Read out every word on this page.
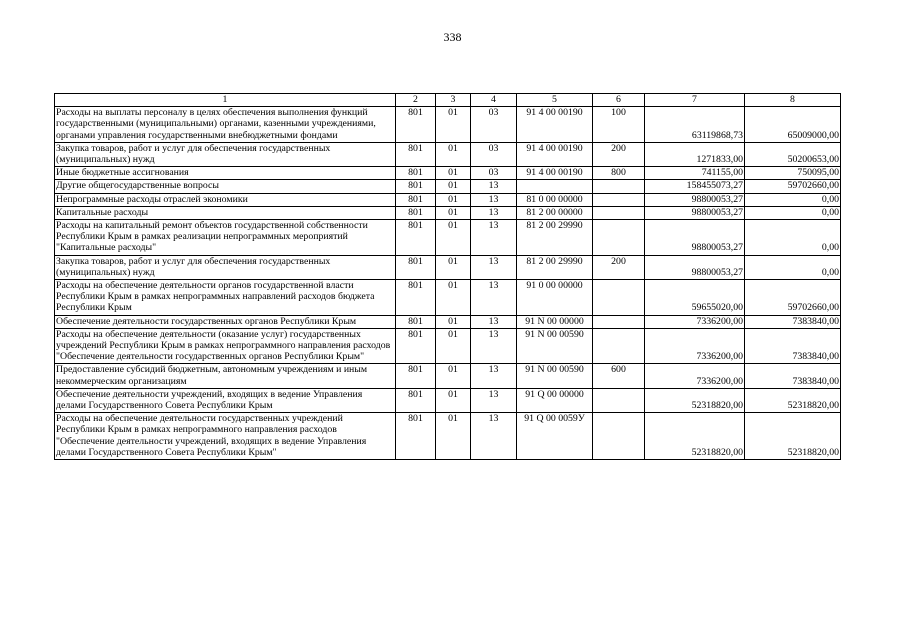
338
1	2	3	4	5	6	7	8
Расходы на выплаты персоналу в целях обеспечения выполнения функций государственными (муниципальными) органами, казенными учреждениями, органами управления государственными внебюджетными фондами	801	01	03	91 4 00 00190	100	63119868,73	65009000,00
Закупка товаров, работ и услуг для обеспечения государственных (муниципальных) нужд	801	01	03	91 4 00 00190	200	1271833,00	50200653,00
Иные бюджетные ассигнования	801	01	03	91 4 00 00190	800	741155,00	750095,00
Другие общегосударственные вопросы	801	01	13			158455073,27	59702660,00
Непрограммные расходы отраслей экономики	801	01	13	81 0 00 00000		98800053,27	0,00
Капитальные расходы	801	01	13	81 2 00 00000		98800053,27	0,00
Расходы на капитальный ремонт объектов государственной собственности Республики Крым в рамках реализации непрограммных мероприятий "Капитальные расходы"	801	01	13	81 2 00 29990		98800053,27	0,00
Закупка товаров, работ и услуг для обеспечения государственных (муниципальных) нужд	801	01	13	81 2 00 29990	200	98800053,27	0,00
Расходы на обеспечение деятельности органов государственной власти Республики Крым в рамках непрограммных направлений расходов бюджета Республики Крым	801	01	13	91 0 00 00000		59655020,00	59702660,00
Обеспечение деятельности государственных органов Республики Крым	801	01	13	91 N 00 00000		7336200,00	7383840,00
Расходы на обеспечение деятельности (оказание услуг) государственных учреждений Республики Крым в рамках непрограммного направления расходов "Обеспечение деятельности государственных органов Республики Крым"	801	01	13	91 N 00 00590		7336200,00	7383840,00
Предоставление субсидий бюджетным, автономным учреждениям и иным некоммерческим организациям	801	01	13	91 N 00 00590	600	7336200,00	7383840,00
Обеспечение деятельности учреждений, входящих в ведение Управления делами Государственного Совета Республики Крым	801	01	13	91 Q 00 00000		52318820,00	52318820,00
Расходы на обеспечение деятельности государственных учреждений Республики Крым в рамках непрограммного направления расходов "Обеспечение деятельности учреждений, входящих в ведение Управления делами Государственного Совета Республики Крым"	801	01	13	91 Q 00 0059У		52318820,00	52318820,00
